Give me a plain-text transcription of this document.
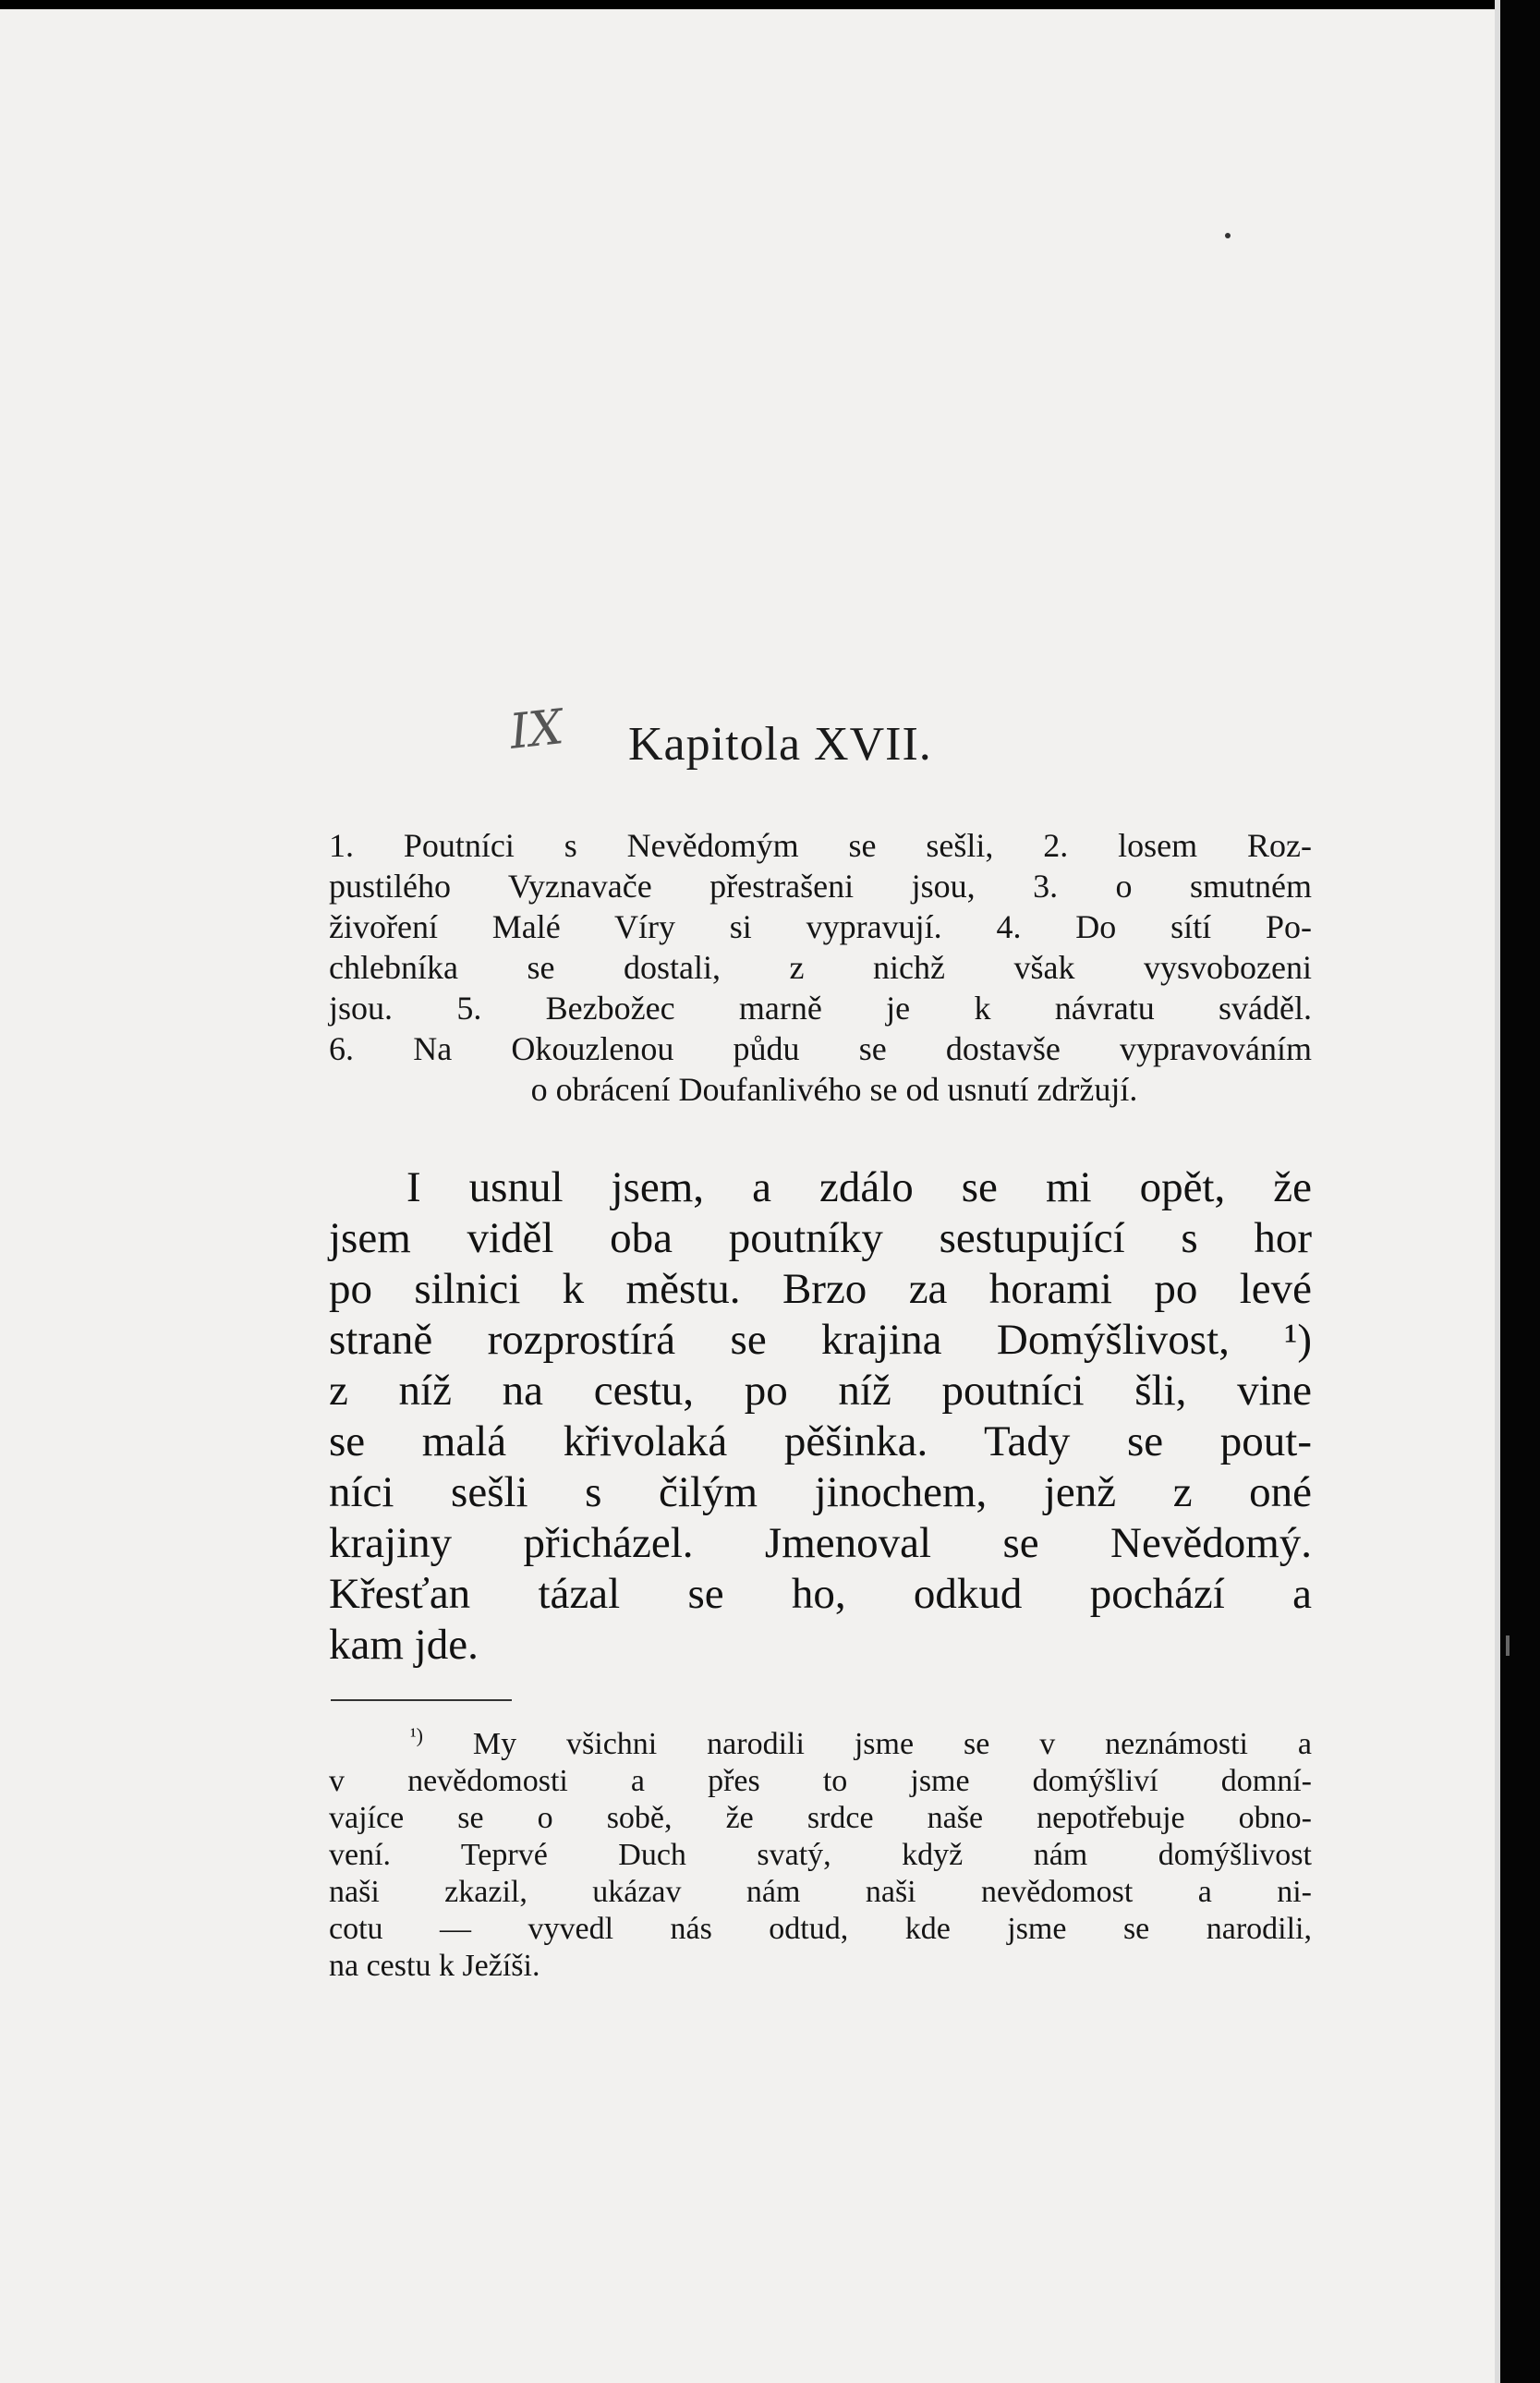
IX Kapitola XVII.
1. Poutníci s Nevědomým se sešli, 2. losem Roz-
pustilého Vyznavače přestrašeni jsou, 3. o smutném
živoření Malé Víry si vypravují. 4. Do sítí Po-
chlebníka se dostali, z nichž však vysvobozeni
jsou. 5. Bezbožec marně je k návratu sváděl.
6. Na Okouzlenou půdu se dostavše vypravováním
o obrácení Doufanlivého se od usnutí zdržují.
I usnul jsem, a zdálo se mi opět, že
jsem viděl oba poutníky sestupující s hor
po silnici k městu. Brzo za horami po levé
straně rozprostírá se krajina Domýšlivost, ¹)
z níž na cestu, po níž poutníci šli, vine
se malá křivolaká pěšinka. Tady se pout-
níci sešli s čilým jinochem, jenž z oné
krajiny přicházel. Jmenoval se Nevědomý.
Křesťan tázal se ho, odkud pochází a
kam jde.
$^{^1)}$ My všichni narodili jsme se v neznámosti a
v nevědomosti a přes to jsme domýšliví domní-
vajíce se o sobě, že srdce naše nepotřebuje obno-
vení. Teprvé Duch svatý, když nám domýšlivost
naši zkazil, ukázav nám naši nevědomost a ni-
cotu — vyvedl nás odtud, kde jsme se narodili,
na cestu k Ježíši.
